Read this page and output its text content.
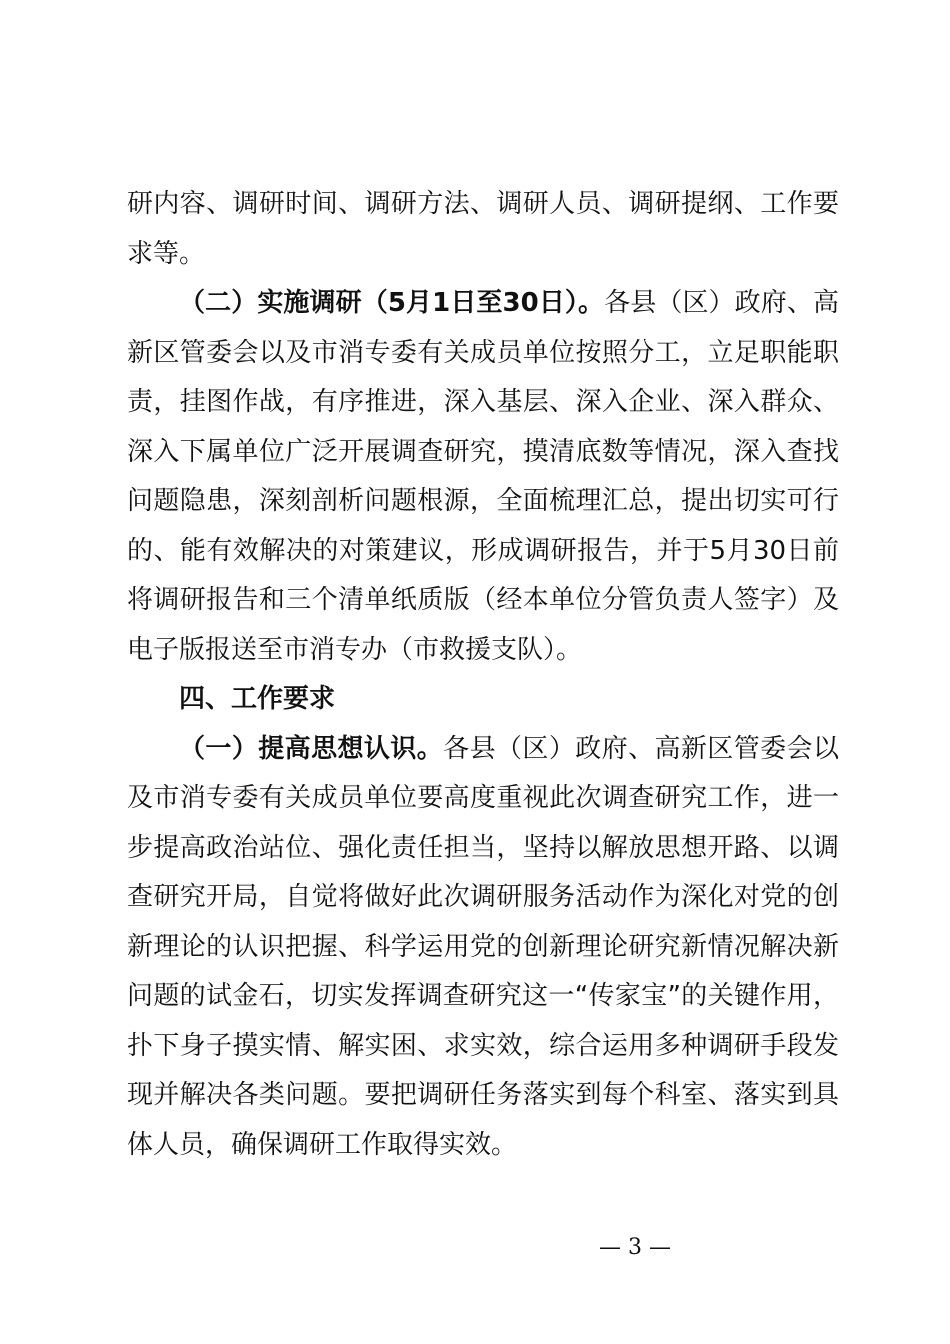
研内容、调研时间、调研方法、调研人员、调研提纲、工作要求等。

（二）实施调研（5月1日至30日）。各县（区）政府、高新区管委会以及市消专委有关成员单位按照分工，立足职能职责，挂图作战，有序推进，深入基层、深入企业、深入群众、深入下属单位广泛开展调查研究，摸清底数等情况，深入查找问题隐患，深刻剖析问题根源，全面梳理汇总，提出切实可行的、能有效解决的对策建议，形成调研报告，并于5月30日前将调研报告和三个清单纸质版（经本单位分管负责人签字）及电子版报送至市消专办（市救援支队）。

四、工作要求

（一）提高思想认识。各县（区）政府、高新区管委会以及市消专委有关成员单位要高度重视此次调查研究工作，进一步提高政治站位、强化责任担当，坚持以解放思想开路、以调查研究开局，自觉将做好此次调研服务活动作为深化对党的创新理论的认识把握、科学运用党的创新理论研究新情况解决新问题的试金石，切实发挥调查研究这一“传家宝”的关键作用，扑下身子摸实情、解实困、求实效，综合运用多种调研手段发现并解决各类问题。要把调研任务落实到每个科室、落实到具体人员，确保调研工作取得实效。

— 3 —
